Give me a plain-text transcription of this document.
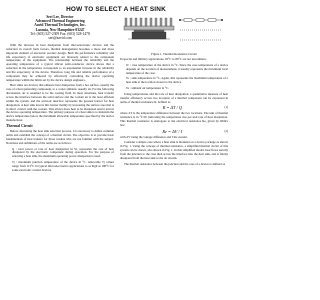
HOW TO SELECT A HEAT SINK
Seri Lee, Director
Advanced Thermal Engineering
Aavid Thermal Technologies, Inc.
Laconia, New Hampshire 03247
Tel: (603) 527-2309 Fax: (603) 528-1478
seri@aavid.com

With the increase in heat dissipation from microelectronic devices and the reduction in overall form factors, thermal management becomes a more and more important element of electronic product design. Both the performance reliability and life expectancy of electronic equipment are inversely related to the component temperature of the equipment. The relationship between the reliability and the operating temperature of a typical silicon semi-conductor device shows that a reduction in the temperature corresponds to an exponential increase in the reliability and life expectancy of the device. Therefore, long life and reliable performance of a component may be achieved by effectively controlling the device operating temperature within the limits set by the device design engineers.

Heat sinks are devices that enhance heat dissipation from a hot surface, usually the case of a heat generating component, to a cooler ambient, usually air. For the following discussions, air is assumed to be the cooling fluid. In most situations, heat transfer across the interface between the solid surface and the coolant air is the least efficient within the system, and the solid-air interface represents the greatest barrier for heat dissipation. A heat sink lowers this barrier mainly by increasing the surface area that is in direct contact with the coolant. This allows more heat to be dissipated and/or lowers the device operating temperature. The primary purpose of a heat sink is to maintain the device temperature below the maximum allowable temperature specified by the device manufacturer.

Thermal Circuit

Before discussing the heat sink selection process, it is necessary to define common terms and establish the concept of a thermal circuit. The objective is to provide basic fundamentals of heat transfer for those readers who are not familiar with the subject. Notations and definitions of the terms are as follows:

Q : total power or rate of heat dissipation in W, represents the rate of heat dissipated by the electronic component during operation. For the purpose of selecting a heat sink, the maximum operating power dissipation is used.

Tj : maximum junction temperature of the device in °C. Allowable Tj values range from 115°C in typical microelectronics applications to as high as 180°C for some electronic control devices.

Figure 1. Thermal Resistance Circuit

In special and military applications, 65°C to 80°C are not uncommon.

Tc : case temperature of the device in °C. Since the case temperature of a device depends on the location of measurement, it usually represents the maximum local temperature of the case.

Ts : sink temperature in °C. Again, this represents the maximum temperature of a heat sink at the location closest to the device.

Ta : ambient air temperature in °C.

Using temperatures and the rate of heat dissipation, a quantitative measure of heat transfer efficiency across two locations of a thermal component can be expressed in terms of thermal resistance R, defined as

R = ΔT / Q	(1)

where ΔT is the temperature difference between the two locations. The unit of thermal resistance is in °C/W, indicating the temperature rise per unit rate of heat dissipation. This thermal resistance is analogous to the electrical resistance Re, given by Ohm's law:

Re = ΔV / I	(2)

with ΔV being the voltage difference and I the current.

Consider a simple case where a heat sink is mounted on a device package as shown in Fig. 1. Using the concept of thermal resistance, a simplified thermal circuit of this system can be drawn, also shown in Fig. 1. In this simplified model, heat flows serially from the junction to the case then across the interface into the heat sink, and is finally dissipated from the heat sink to the air stream.

The thermal resistance between the junction and the case of a device is defined as
